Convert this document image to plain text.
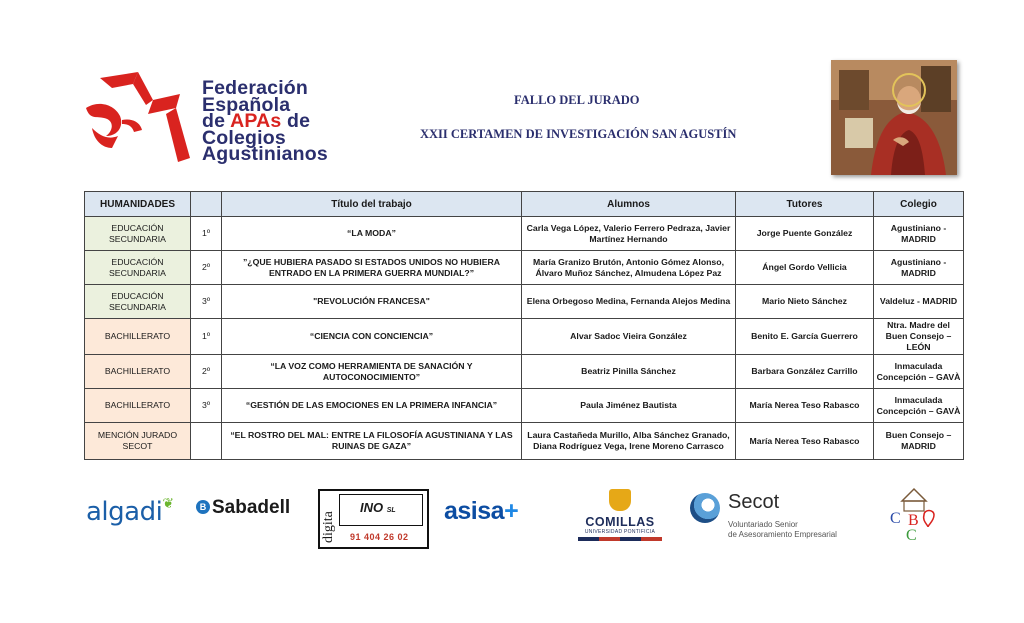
Federación
Española
de APAs de
Colegios
Agustinianos
FALLO DEL JURADO
XXII CERTAMEN DE INVESTIGACIÓN SAN AGUSTÍN
HUMANIDADES		Título del trabajo	Alumnos	Tutores	Colegio
EDUCACIÓN SECUNDARIA	1º	“LA MODA”	Carla Vega López, Valerio Ferrero Pedraza, Javier Martínez Hernando	Jorge Puente González	Agustiniano - MADRID
EDUCACIÓN SECUNDARIA	2º	”¿QUE HUBIERA PASADO SI ESTADOS UNIDOS NO HUBIERA ENTRADO EN LA PRIMERA GUERRA MUNDIAL?”	María Granizo Brutón, Antonio Gómez Alonso, Álvaro Muñoz Sánchez, Almudena López Paz	Ángel Gordo Vellicia	Agustiniano - MADRID
EDUCACIÓN SECUNDARIA	3º	"REVOLUCIÓN FRANCESA"	Elena Orbegoso Medina, Fernanda Alejos Medina	Mario Nieto Sánchez	Valdeluz - MADRID
BACHILLERATO	1º	“CIENCIA CON CONCIENCIA”	Alvar Sadoc Vieira González	Benito E. García Guerrero	Ntra. Madre del Buen Consejo – LEÓN
BACHILLERATO	2º	“LA VOZ COMO HERRAMIENTA DE SANACIÓN Y AUTOCONOCIMIENTO”	Beatriz Pinilla Sánchez	Barbara González Carrillo	Inmaculada Concepción – GAVÀ
BACHILLERATO	3º	“GESTIÓN DE LAS EMOCIONES EN LA PRIMERA INFANCIA”	Paula Jiménez Bautista	María Nerea Teso Rabasco	Inmaculada Concepción – GAVÀ
MENCIÓN JURADO SECOT		“EL ROSTRO DEL MAL: ENTRE LA FILOSOFÍA AGUSTINIANA Y LAS RUINAS DE GAZA”	Laura Castañeda Murillo, Alba Sánchez Granado, Diana Rodríguez Vega, Irene Moreno Carrasco	María Nerea Teso Rabasco	Buen Consejo – MADRID
algadi❦	B Sabadell
digita
INO SL
91 404 26 02
asisa+	COMILLAS
UNIVERSIDAD PONTIFICIA
Secot
Voluntariado Senior
de Asesoramiento Empresarial
C B
C
